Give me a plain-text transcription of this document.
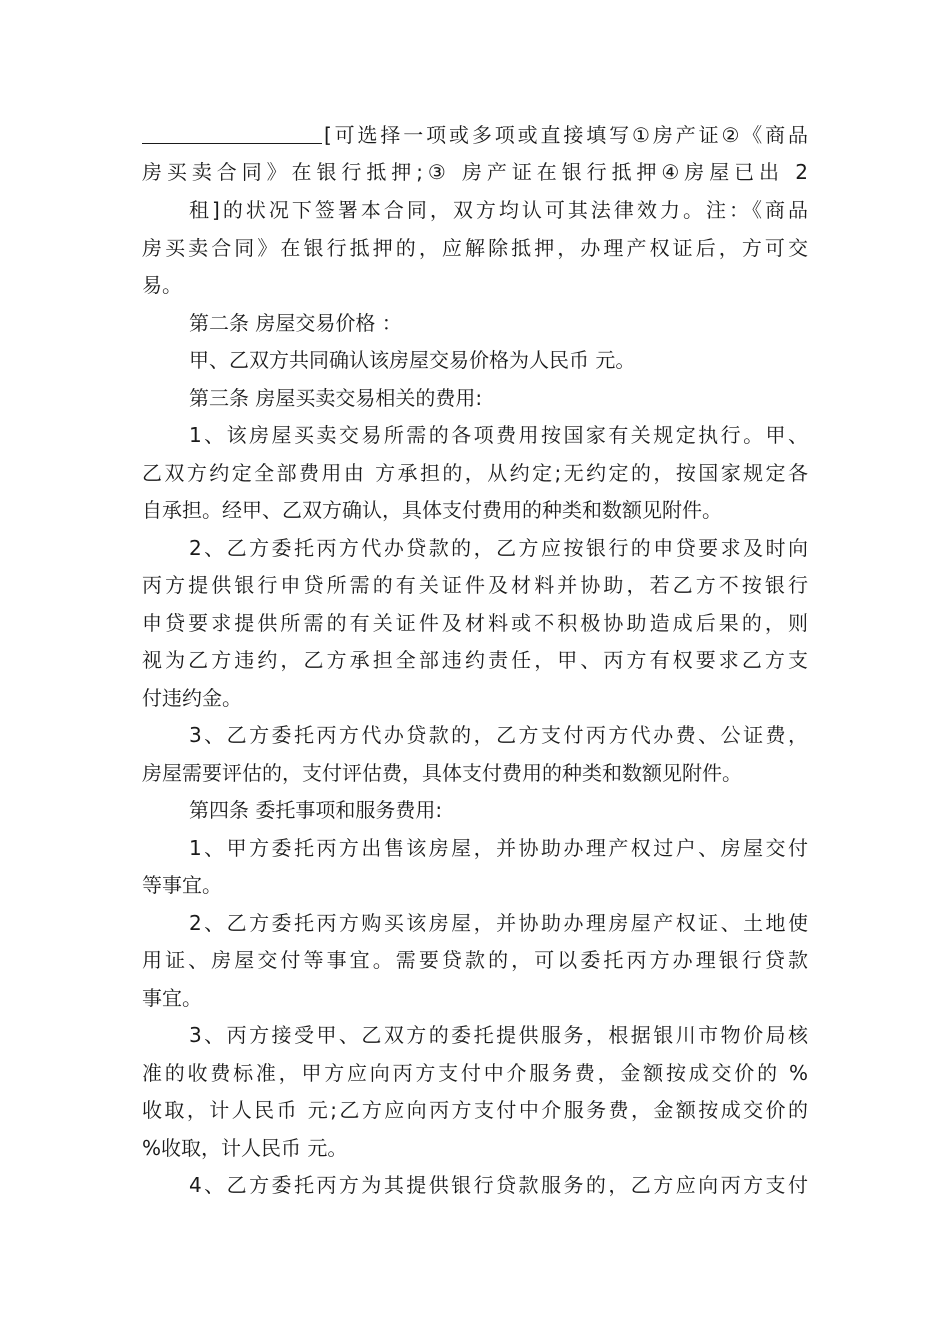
[可选择一项或多项或直接填写①房产证②《商品
房买卖合同》在银行抵押;③ 房产证在银行抵押④房屋已出 2
租]的状况下签署本合同，双方均认可其法律效力。注：《商品
房买卖合同》在银行抵押的，应解除抵押，办理产权证后，方可交
易。
第二条 房屋交易价格 ：
甲、乙双方共同确认该房屋交易价格为人民币 元。
第三条 房屋买卖交易相关的费用:
1、该房屋买卖交易所需的各项费用按国家有关规定执行。甲、
乙双方约定全部费用由 方承担的，从约定;无约定的，按国家规定各
自承担。经甲、乙双方确认，具体支付费用的种类和数额见附件。
2、乙方委托丙方代办贷款的，乙方应按银行的申贷要求及时向
丙方提供银行申贷所需的有关证件及材料并协助，若乙方不按银行
申贷要求提供所需的有关证件及材料或不积极协助造成后果的，则
视为乙方违约，乙方承担全部违约责任，甲、丙方有权要求乙方支
付违约金。
3、乙方委托丙方代办贷款的，乙方支付丙方代办费、公证费，
房屋需要评估的，支付评估费，具体支付费用的种类和数额见附件。
第四条 委托事项和服务费用:
1、甲方委托丙方出售该房屋，并协助办理产权过户、房屋交付
等事宜。
2、乙方委托丙方购买该房屋，并协助办理房屋产权证、土地使
用证、房屋交付等事宜。需要贷款的，可以委托丙方办理银行贷款
事宜。
3、丙方接受甲、乙双方的委托提供服务，根据银川市物价局核
准的收费标准，甲方应向丙方支付中介服务费，金额按成交价的 %
收取，计人民币 元;乙方应向丙方支付中介服务费，金额按成交价的
%收取，计人民币 元。
4、乙方委托丙方为其提供银行贷款服务的，乙方应向丙方支付
